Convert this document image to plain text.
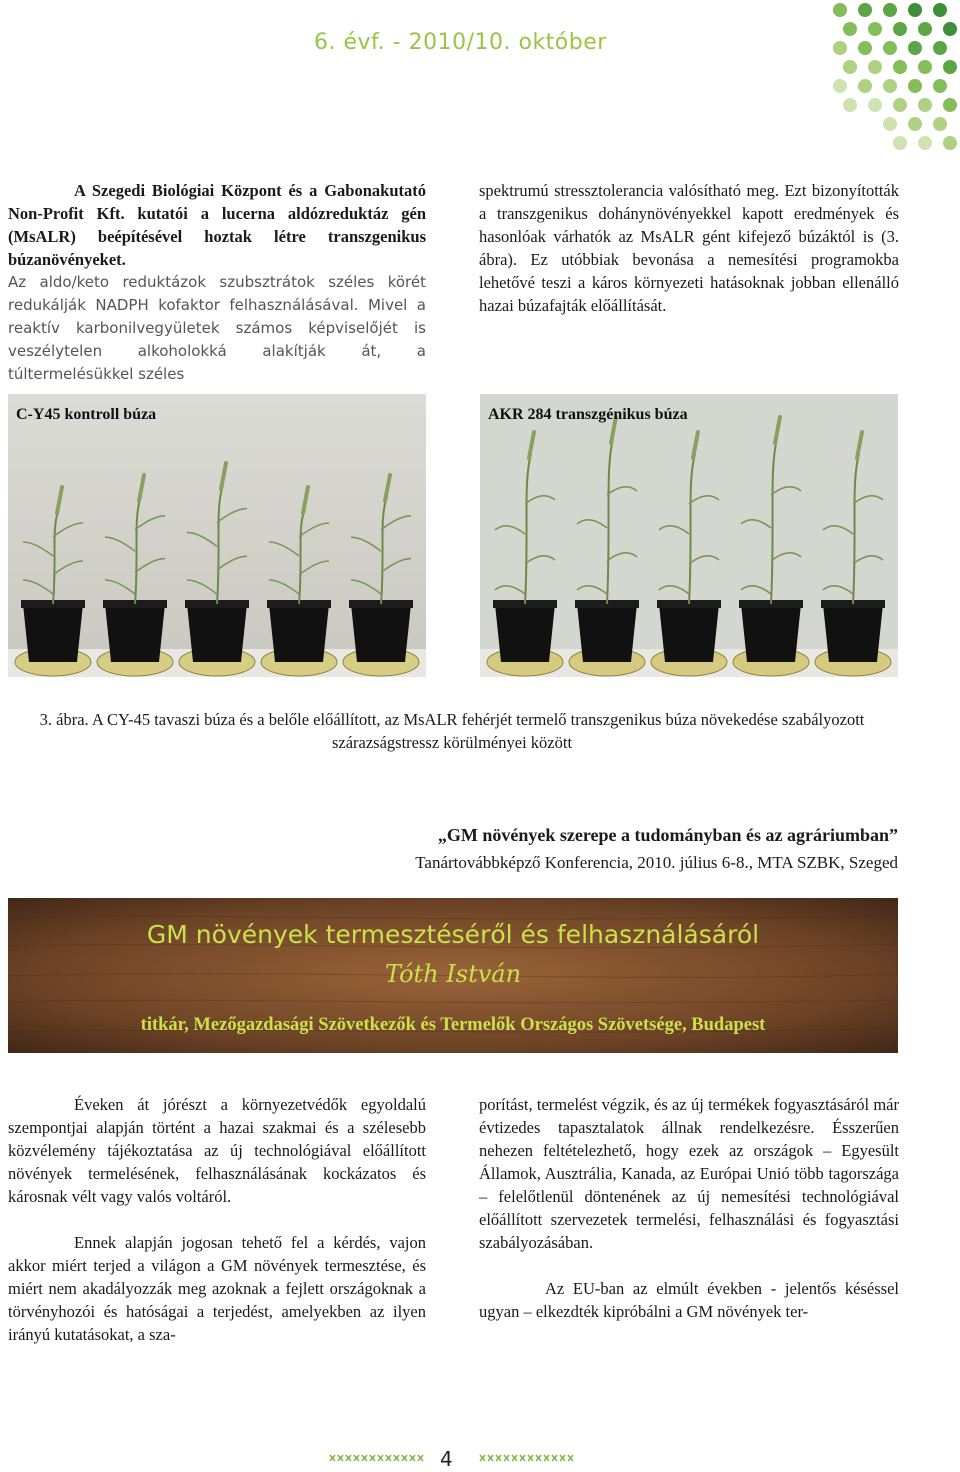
6. évf. - 2010/10. október

A Szegedi Biológiai Központ és a Gabonakutató Non-Profit Kft. kutatói a lucerna aldózreduktáz gén (MsALR) beépítésével hoztak létre transzgenikus búzanövényeket.

Az aldo/keto reduktázok szubsztrátok széles körét redukálják NADPH kofaktor felhasználásával. Mivel a reaktív karbonilvegyületek számos képviselőjét is veszélytelen alkoholokká alakítják át, a túltermelésükkel széles

spektrumú stressztolerancia valósítható meg. Ezt bizonyították a transzgenikus dohánynövényekkel kapott eredmények és hasonlóak várhatók az MsALR gént kifejező búzáktól is (3. ábra). Ez utóbbiak bevonása a nemesítési programokba lehetővé teszi a káros környezeti hatásoknak jobban ellenálló hazai búzafajták előállítását.

C-Y45 kontroll búza	AKR 284 transzgénikus búza
3. ábra. A CY-45 tavaszi búza és a belőle előállított, az MsALR fehérjét termelő transzgenikus búza növekedése szabályozott szárazságstressz körülményei között
„GM növények szerepe a tudományban és az agráriumban”
Tanártovábbképző Konferencia, 2010. július 6-8., MTA SZBK, Szeged
GM növények termesztéséről és felhasználásáról
Tóth István
titkár, Mezőgazdasági Szövetkezők és Termelők Országos Szövetsége, Budapest

Éveken át jórészt a környezetvédők egyoldalú szempontjai alapján történt a hazai szakmai és a szélesebb közvélemény tájékoztatása az új technológiával előállított növények termelésének, felhasználásának kockázatos és károsnak vélt vagy valós voltáról.

Ennek alapján jogosan tehető fel a kérdés, vajon akkor miért terjed a világon a GM növények termesztése, és miért nem akadályozzák meg azoknak a fejlett országoknak a törvényhozói és hatóságai a terjedést, amelyekben az ilyen irányú kutatásokat, a sza-

porítást, termelést végzik, és az új termékek fogyasztásáról már évtizedes tapasztalatok állnak rendelkezésre. Ésszerűen nehezen feltételezhető, hogy ezek az országok – Egyesült Államok, Ausztrália, Kanada, az Európai Unió több tagországa – felelőtlenül döntenének az új nemesítési technológiával előállított szervezetek termelési, felhasználási és fogyasztási szabályozásában.

Az EU-ban az elmúlt években - jelentős késéssel ugyan – elkezdték kipróbálni a GM növények ter-

4
